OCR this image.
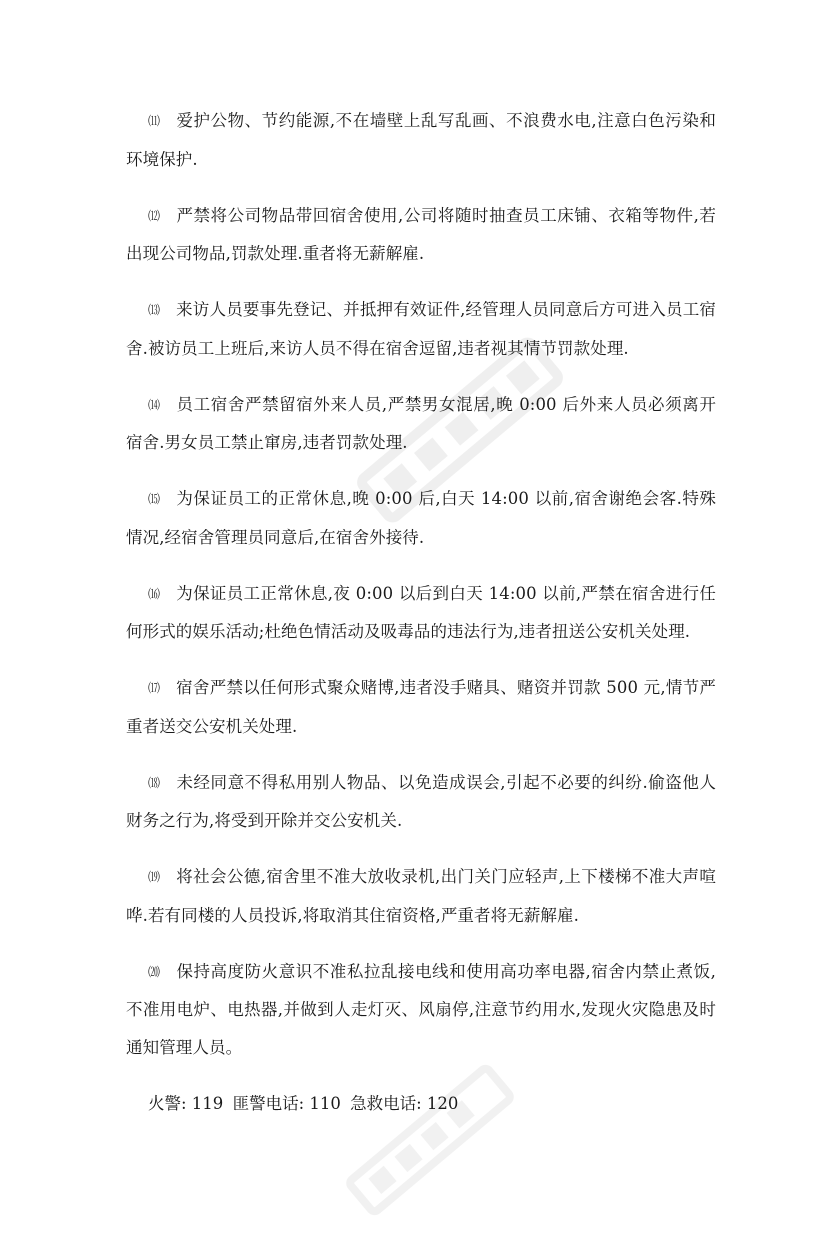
⑾ 爱护公物、节约能源,不在墙壁上乱写乱画、不浪费水电,注意白色污染和环境保护.

⑿ 严禁将公司物品带回宿舍使用,公司将随时抽查员工床铺、衣箱等物件,若出现公司物品,罚款处理.重者将无薪解雇.

⒀ 来访人员要事先登记、并抵押有效证件,经管理人员同意后方可进入员工宿舍.被访员工上班后,来访人员不得在宿舍逗留,违者视其情节罚款处理.

⒁ 员工宿舍严禁留宿外来人员,严禁男女混居,晚 0:00 后外来人员必须离开宿舍.男女员工禁止窜房,违者罚款处理.

⒂ 为保证员工的正常休息,晚 0:00 后,白天 14:00 以前,宿舍谢绝会客.特殊情况,经宿舍管理员同意后,在宿舍外接待.

⒃ 为保证员工正常休息,夜 0:00 以后到白天 14:00 以前,严禁在宿舍进行任何形式的娱乐活动;杜绝色情活动及吸毒品的违法行为,违者扭送公安机关处理.

⒄ 宿舍严禁以任何形式聚众赌博,违者没手赌具、赌资并罚款 500 元,情节严重者送交公安机关处理.

⒅ 未经同意不得私用别人物品、以免造成误会,引起不必要的纠纷.偷盗他人财务之行为,将受到开除并交公安机关.

⒆ 将社会公德,宿舍里不准大放收录机,出门关门应轻声,上下楼梯不准大声喧哗.若有同楼的人员投诉,将取消其住宿资格,严重者将无薪解雇.

⒇ 保持高度防火意识不准私拉乱接电线和使用高功率电器,宿舍内禁止煮饭,不准用电炉、电热器,并做到人走灯灭、风扇停,注意节约用水,发现火灾隐患及时通知管理人员。

火警: 119 匪警电话: 110 急救电话: 120
